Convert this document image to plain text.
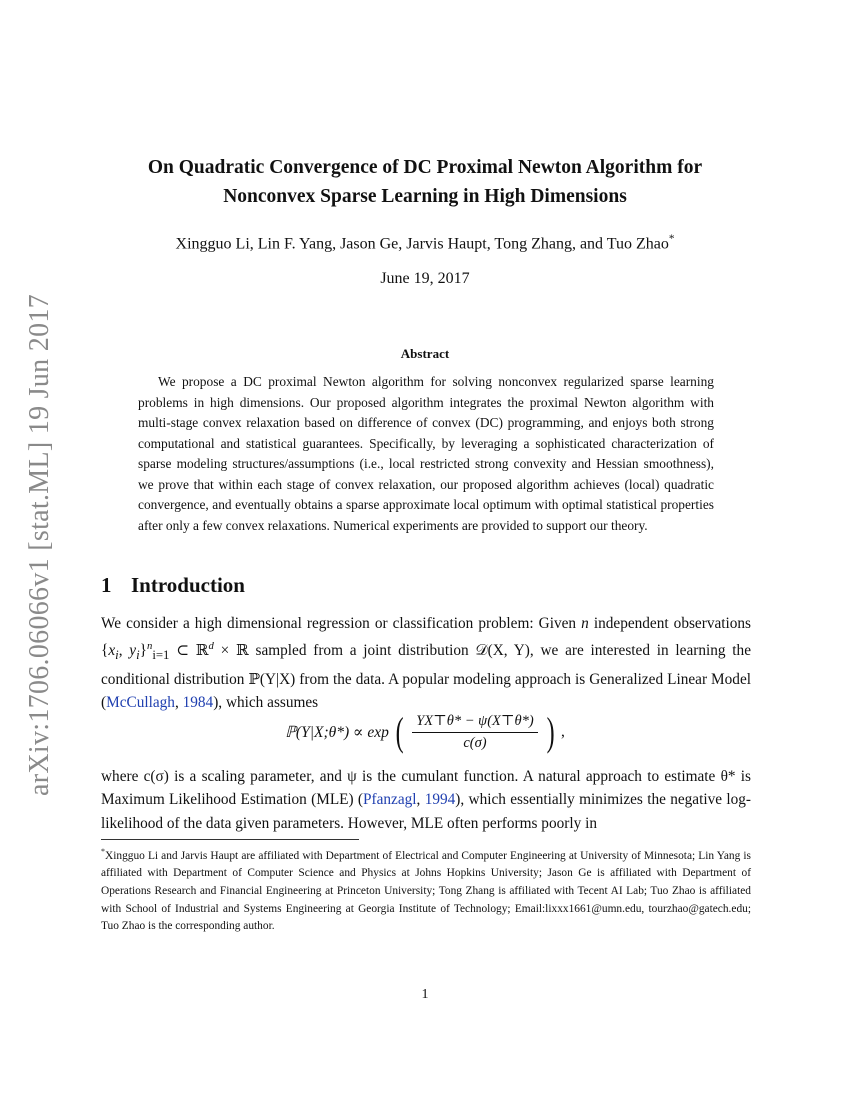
arXiv:1706.06066v1 [stat.ML] 19 Jun 2017
On Quadratic Convergence of DC Proximal Newton Algorithm for
Nonconvex Sparse Learning in High Dimensions
Xingguo Li, Lin F. Yang, Jason Ge, Jarvis Haupt, Tong Zhang, and Tuo Zhao*
June 19, 2017
Abstract
We propose a DC proximal Newton algorithm for solving nonconvex regularized sparse learning problems in high dimensions. Our proposed algorithm integrates the proximal Newton algorithm with multi-stage convex relaxation based on difference of convex (DC) programming, and enjoys both strong computational and statistical guarantees. Specifically, by leveraging a sophisticated characterization of sparse modeling structures/assumptions (i.e., local restricted strong convexity and Hessian smoothness), we prove that within each stage of convex relaxation, our proposed algorithm achieves (local) quadratic convergence, and eventually obtains a sparse approximate local optimum with optimal statistical properties after only a few convex relaxations. Numerical experiments are provided to support our theory.
1 Introduction
We consider a high dimensional regression or classification problem: Given n independent observations {$x_i$, $y_i\}^n_{i=1}$ ⊂ ℝ$^d$ × ℝ sampled from a joint distribution 𝒟(X, Y), we are interested in learning the conditional distribution ℙ(Y|X) from the data. A popular modeling approach is Generalized Linear Model (McCullagh, 1984), which assumes
ℙ(Y|X;θ*) ∝ exp ( $\frac{YX⊤\theta* - \psi(X⊤\theta*)}{c(\sigma)}$ ) ,
where c(σ) is a scaling parameter, and ψ is the cumulant function. A natural approach to estimate θ* is Maximum Likelihood Estimation (MLE) (Pfanzagl, 1994), which essentially minimizes the negative log-likelihood of the data given parameters. However, MLE often performs poorly in
*Xingguo Li and Jarvis Haupt are affiliated with Department of Electrical and Computer Engineering at University of Minnesota; Lin Yang is affiliated with Department of Computer Science and Physics at Johns Hopkins University; Jason Ge is affiliated with Department of Operations Research and Financial Engineering at Princeton University; Tong Zhang is affiliated with Tecent AI Lab; Tuo Zhao is affiliated with School of Industrial and Systems Engineering at Georgia Institute of Technology; Email:lixxx1661@umn.edu, tourzhao@gatech.edu; Tuo Zhao is the corresponding author.
1
